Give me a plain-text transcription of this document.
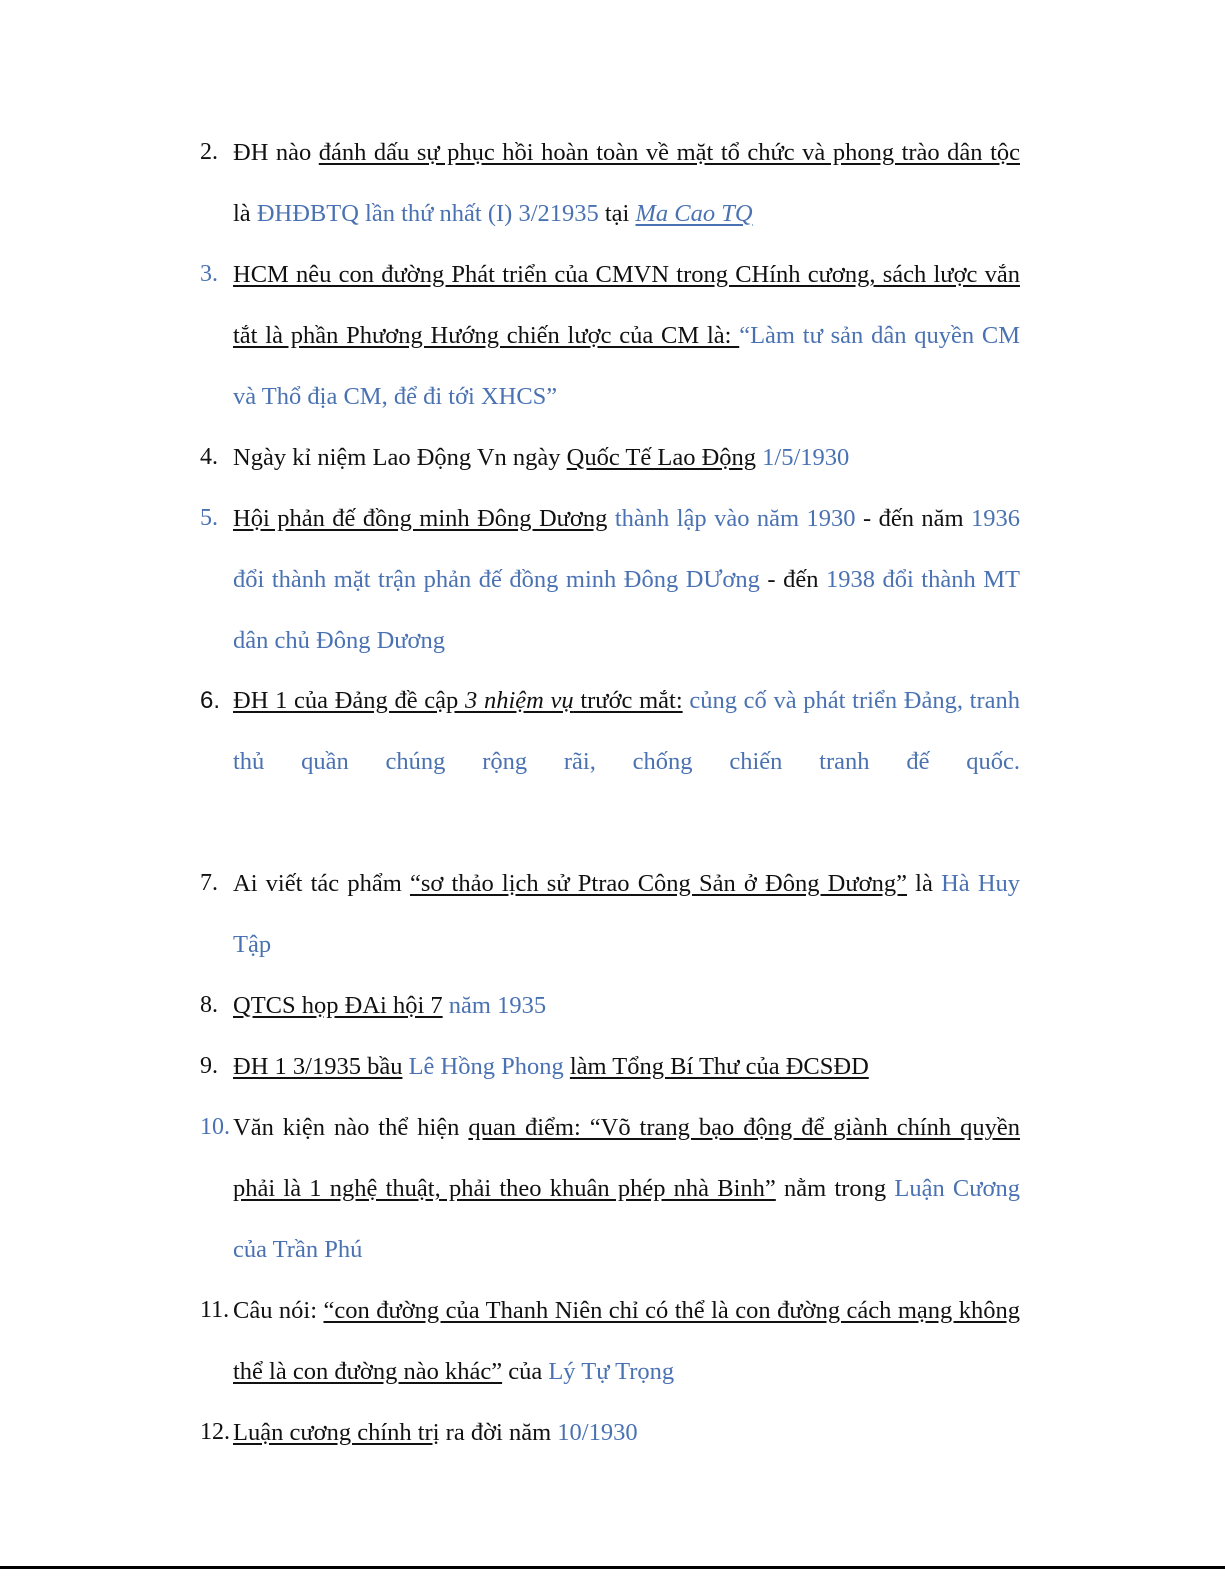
2. ĐH nào đánh dấu sự phục hồi hoàn toàn về mặt tổ chức và phong trào dân tộc là ĐHĐBTQ lần thứ nhất (I) 3/21935 tại Ma Cao TQ
3. HCM nêu con đường Phát triển của CMVN trong CHính cương, sách lược vắn tắt là phần Phương Hướng chiến lược của CM là: “Làm tư sản dân quyền CM và Thổ địa CM, để đi tới XHCS”
4. Ngày kỉ niệm Lao Động Vn ngày Quốc Tế Lao Động 1/5/1930
5. Hội phản đế đồng minh Đông Dương thành lập vào năm 1930 - đến năm 1936 đổi thành mặt trận phản đế đồng minh Đông DƯơng - đến 1938 đổi thành MT dân chủ Đông Dương
6. ĐH 1 của Đảng đề cập 3 nhiệm vụ trước mắt: củng cố và phát triển Đảng, tranh thủ quần chúng rộng rãi, chống chiến tranh đế quốc.
7. Ai viết tác phẩm “sơ thảo lịch sử Ptrao Công Sản ở Đông Dương” là Hà Huy Tập
8. QTCS họp ĐAi hội 7 năm 1935
9. ĐH 1 3/1935 bầu Lê Hồng Phong làm Tổng Bí Thư của ĐCSĐD
10. Văn kiện nào thể hiện quan điểm: “Võ trang bạo động để giành chính quyền phải là 1 nghệ thuật, phải theo khuân phép nhà Binh” nằm trong Luận Cương của Trần Phú
11. Câu nói: “con đường của Thanh Niên chỉ có thể là con đường cách mạng không thể là con đường nào khác” của Lý Tự Trọng
12. Luận cương chính trị ra đời năm 10/1930
